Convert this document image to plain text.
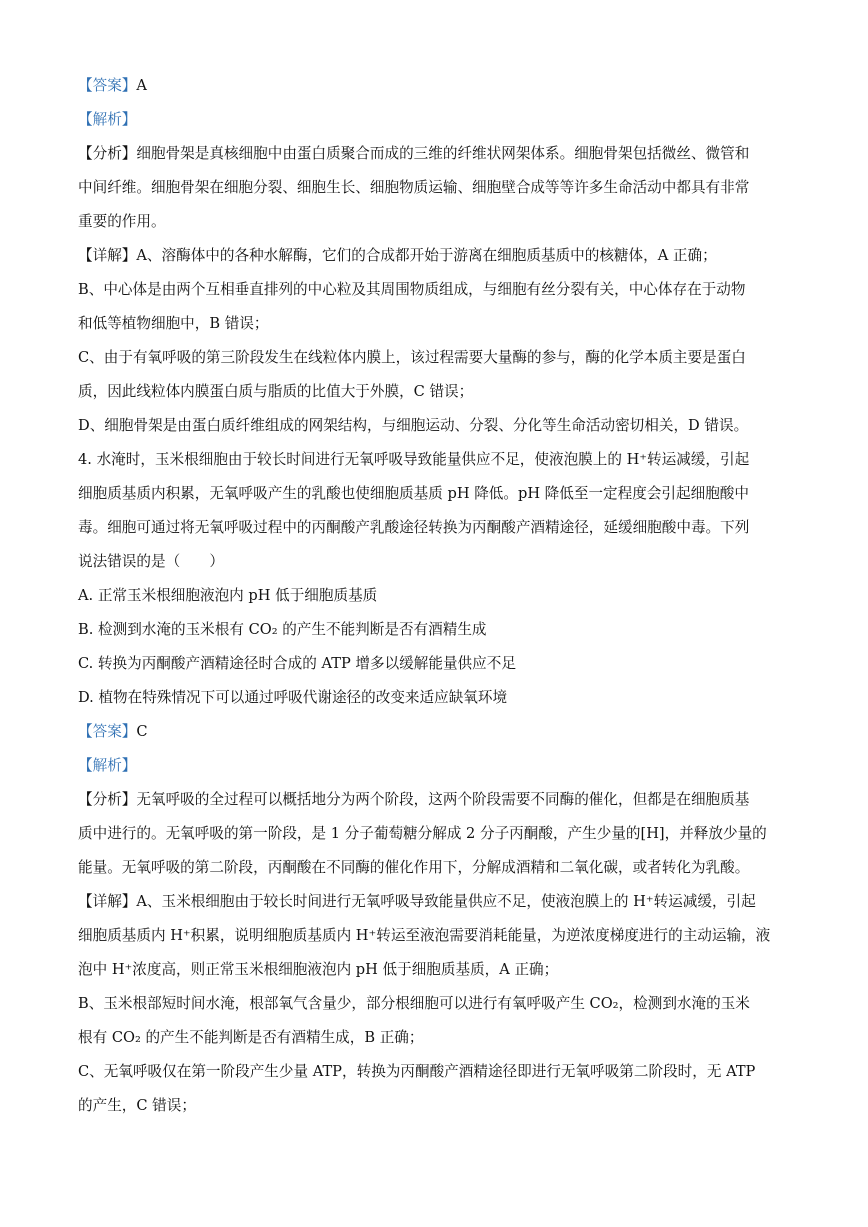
【答案】A
【解析】
【分析】细胞骨架是真核细胞中由蛋白质聚合而成的三维的纤维状网架体系。细胞骨架包括微丝、微管和
中间纤维。细胞骨架在细胞分裂、细胞生长、细胞物质运输、细胞壁合成等等许多生命活动中都具有非常
重要的作用。
【详解】A、溶酶体中的各种水解酶，它们的合成都开始于游离在细胞质基质中的核糖体，A 正确；
B、中心体是由两个互相垂直排列的中心粒及其周围物质组成，与细胞有丝分裂有关，中心体存在于动物
和低等植物细胞中，B 错误；
C、由于有氧呼吸的第三阶段发生在线粒体内膜上，该过程需要大量酶的参与，酶的化学本质主要是蛋白
质，因此线粒体内膜蛋白质与脂质的比值大于外膜，C 错误；
D、细胞骨架是由蛋白质纤维组成的网架结构，与细胞运动、分裂、分化等生命活动密切相关，D 错误。
4. 水淹时，玉米根细胞由于较长时间进行无氧呼吸导致能量供应不足，使液泡膜上的 H⁺转运减缓，引起
细胞质基质内积累，无氧呼吸产生的乳酸也使细胞质基质 pH 降低。pH 降低至一定程度会引起细胞酸中
毒。细胞可通过将无氧呼吸过程中的丙酮酸产乳酸途径转换为丙酮酸产酒精途径，延缓细胞酸中毒。下列
说法错误的是（　　）
A. 正常玉米根细胞液泡内 pH 低于细胞质基质
B. 检测到水淹的玉米根有 CO₂ 的产生不能判断是否有酒精生成
C. 转换为丙酮酸产酒精途径时合成的 ATP 增多以缓解能量供应不足
D. 植物在特殊情况下可以通过呼吸代谢途径的改变来适应缺氧环境
【答案】C
【解析】
【分析】无氧呼吸的全过程可以概括地分为两个阶段，这两个阶段需要不同酶的催化，但都是在细胞质基
质中进行的。无氧呼吸的第一阶段，是 1 分子葡萄糖分解成 2 分子丙酮酸，产生少量的[H]，并释放少量的
能量。无氧呼吸的第二阶段，丙酮酸在不同酶的催化作用下，分解成酒精和二氧化碳，或者转化为乳酸。
【详解】A、玉米根细胞由于较长时间进行无氧呼吸导致能量供应不足，使液泡膜上的 H⁺转运减缓，引起
细胞质基质内 H⁺积累，说明细胞质基质内 H⁺转运至液泡需要消耗能量，为逆浓度梯度进行的主动运输，液
泡中 H⁺浓度高，则正常玉米根细胞液泡内 pH 低于细胞质基质，A 正确；
B、玉米根部短时间水淹，根部氧气含量少，部分根细胞可以进行有氧呼吸产生 CO₂，检测到水淹的玉米
根有 CO₂ 的产生不能判断是否有酒精生成，B 正确；
C、无氧呼吸仅在第一阶段产生少量 ATP，转换为丙酮酸产酒精途径即进行无氧呼吸第二阶段时，无 ATP
的产生，C 错误；
